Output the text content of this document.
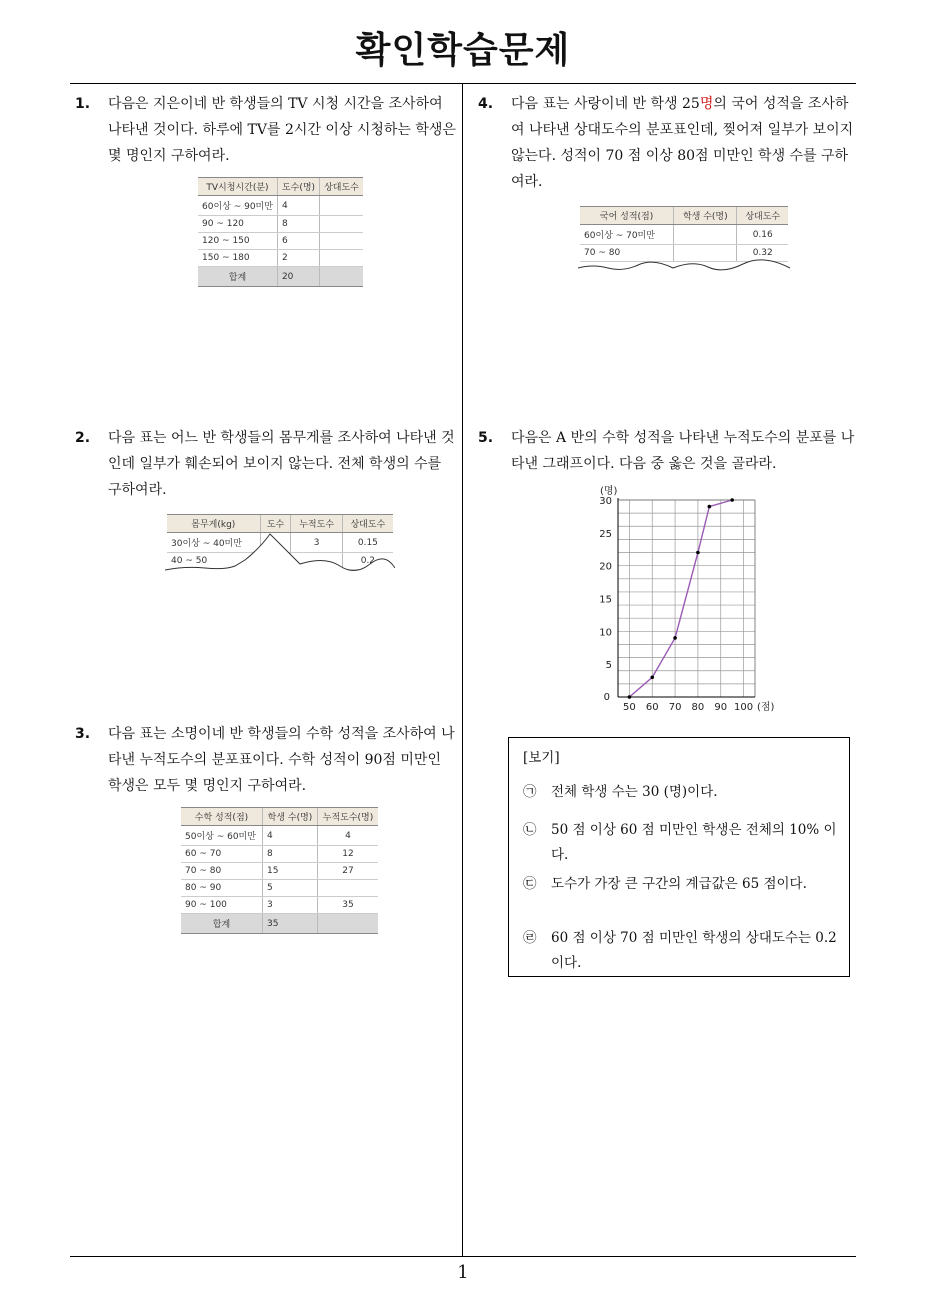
확인학습문제
1.	다음은 지은이네 반 학생들의 TV 시청 시간을 조사하여 나타낸 것이다. 하루에 TV를 2시간 이상 시청하는 학생은 몇 명인지 구하여라.
TV시청시간(분)	도수(명)	상대도수
60이상 ~ 90미만	4	
90 ~ 120	8	
120 ~ 150	6	
150 ~ 180	2	
합계	20	
2.	다음 표는 어느 반 학생들의 몸무게를 조사하여 나타낸 것인데 일부가 훼손되어 보이지 않는다. 전체 학생의 수를 구하여라.
몸무게(kg)	도수	누적도수	상대도수
30이상 ~ 40미만		3	0.15
40 ~ 50			0.2
3.	다음 표는 소명이네 반 학생들의 수학 성적을 조사하여 나타낸 누적도수의 분포표이다. 수학 성적이 90점 미만인 학생은 모두 몇 명인지 구하여라.
수학 성적(점)	학생 수(명)	누적도수(명)
50이상 ~ 60미만	4	4
60 ~ 70	8	12
70 ~ 80	15	27
80 ~ 90	5	
90 ~ 100	3	35
합계	35	
4.	다음 표는 사랑이네 반 학생 25명의 국어 성적을 조사하여 나타낸 상대도수의 분포표인데, 찢어져 일부가 보이지 않는다. 성적이 70 점 이상 80점 미만인 학생 수를 구하여라.
국어 성적(점)	학생 수(명)	상대도수
60이상 ~ 70미만		0.16
70 ~ 80		0.32
5.	다음은 A 반의 수학 성적을 나타낸 누적도수의 분포를 나타낸 그래프이다. 다음 중 옳은 것을 골라라.
5
10
15
20
25
30
0
50 60 70 80 90 100
(명)
(점)
[보기]
㉠ 전체 학생 수는 30 (명)이다.
㉡ 50 점 이상 60 점 미만인 학생은 전체의 10% 이다.
㉢ 도수가 가장 큰 구간의 계급값은 65 점이다.
㉣ 60 점 이상 70 점 미만인 학생의 상대도수는 0.2 이다.
1
